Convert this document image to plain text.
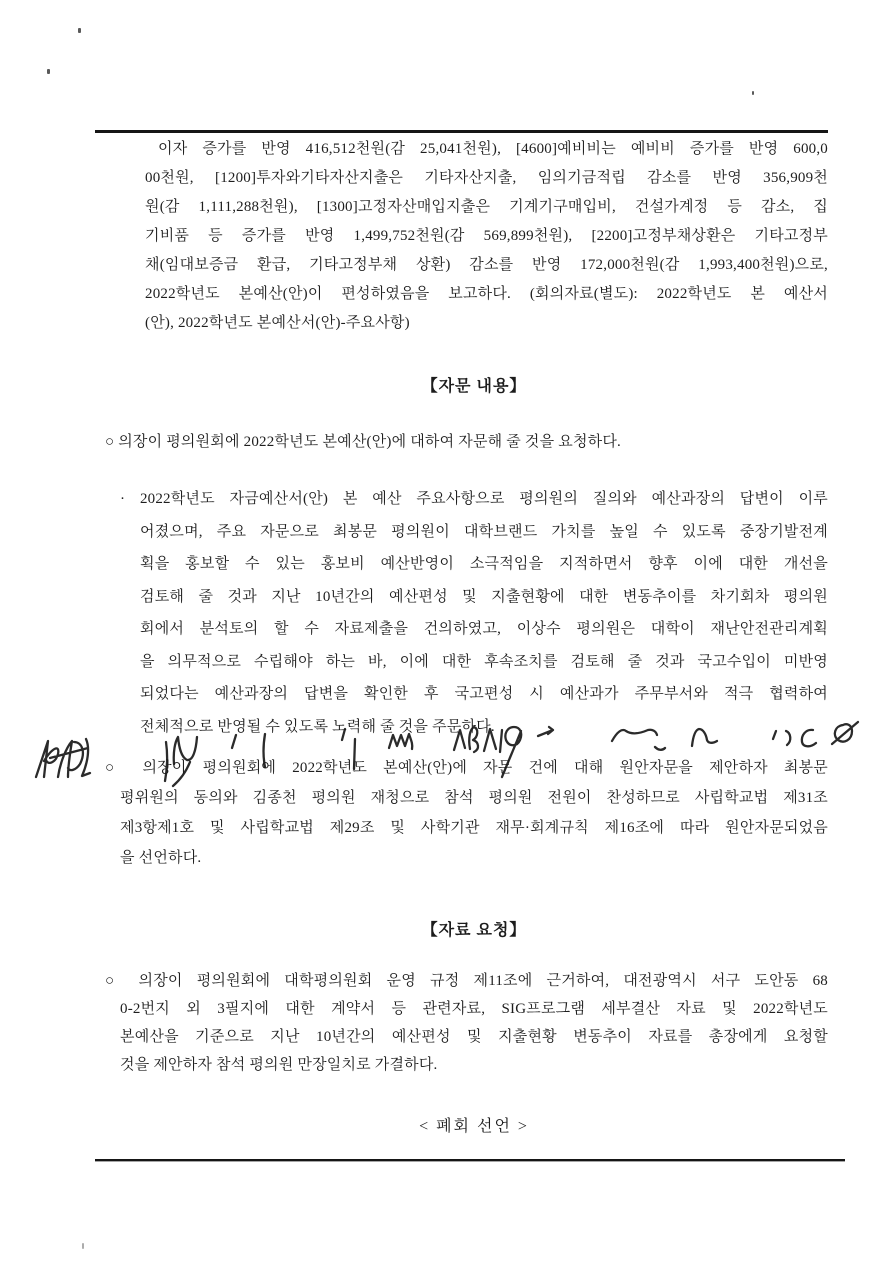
이자 증가를 반영 416,512천원(감 25,041천원), [4600]예비비는 예비비 증가를 반영 600,0
00천원, [1200]투자와기타자산지출은 기타자산지출, 임의기금적립 감소를 반영 356,909천
원(감 1,111,288천원), [1300]고정자산매입지출은 기계기구매입비, 건설가계정 등 감소, 집
기비품 등 증가를 반영 1,499,752천원(감 569,899천원), [2200]고정부채상환은 기타고정부
채(임대보증금 환급, 기타고정부채 상환) 감소를 반영 172,000천원(감 1,993,400천원)으로,
2022학년도 본예산(안)이 편성하였음을 보고하다. (회의자료(별도): 2022학년도 본 예산서
(안), 2022학년도 본예산서(안)-주요사항)
【자문 내용】
○ 의장이 평의원회에 2022학년도 본예산(안)에 대하여 자문해 줄 것을 요청하다.
· 2022학년도 자금예산서(안) 본 예산 주요사항으로 평의원의 질의와 예산과장의 답변이 이루
어졌으며, 주요 자문으로 최봉문 평의원이 대학브랜드 가치를 높일 수 있도록 중장기발전계
획을 홍보할 수 있는 홍보비 예산반영이 소극적임을 지적하면서 향후 이에 대한 개선을
검토해 줄 것과 지난 10년간의 예산편성 및 지출현황에 대한 변동추이를 차기회차 평의원
회에서 분석토의 할 수 자료제출을 건의하였고, 이상수 평의원은 대학이 재난안전관리계획
을 의무적으로 수립해야 하는 바, 이에 대한 후속조치를 검토해 줄 것과 국고수입이 미반영
되었다는 예산과장의 답변을 확인한 후 국고편성 시 예산과가 주무부서와 적극 협력하여
전체적으로 반영될 수 있도록 노력해 줄 것을 주문하다.
○ 의장이 평의원회에 2022학년도 본예산(안)에 자문 건에 대해 원안자문을 제안하자 최봉문
평위원의 동의와 김종천 평의원 재청으로 참석 평의원 전원이 찬성하므로 사립학교법 제31조
제3항제1호 및 사립학교법 제29조 및 사학기관 재무·회계규칙 제16조에 따라 원안자문되었음
을 선언하다.
【자료 요청】
○ 의장이 평의원회에 대학평의원회 운영 규정 제11조에 근거하여, 대전광역시 서구 도안동 68
0-2번지 외 3필지에 대한 계약서 등 관련자료, SIG프로그램 세부결산 자료 및 2022학년도
본예산을 기준으로 지난 10년간의 예산편성 및 지출현황 변동추이 자료를 총장에게 요청할
것을 제안하자 참석 평의원 만장일치로 가결하다.
< 폐회 선언 >
